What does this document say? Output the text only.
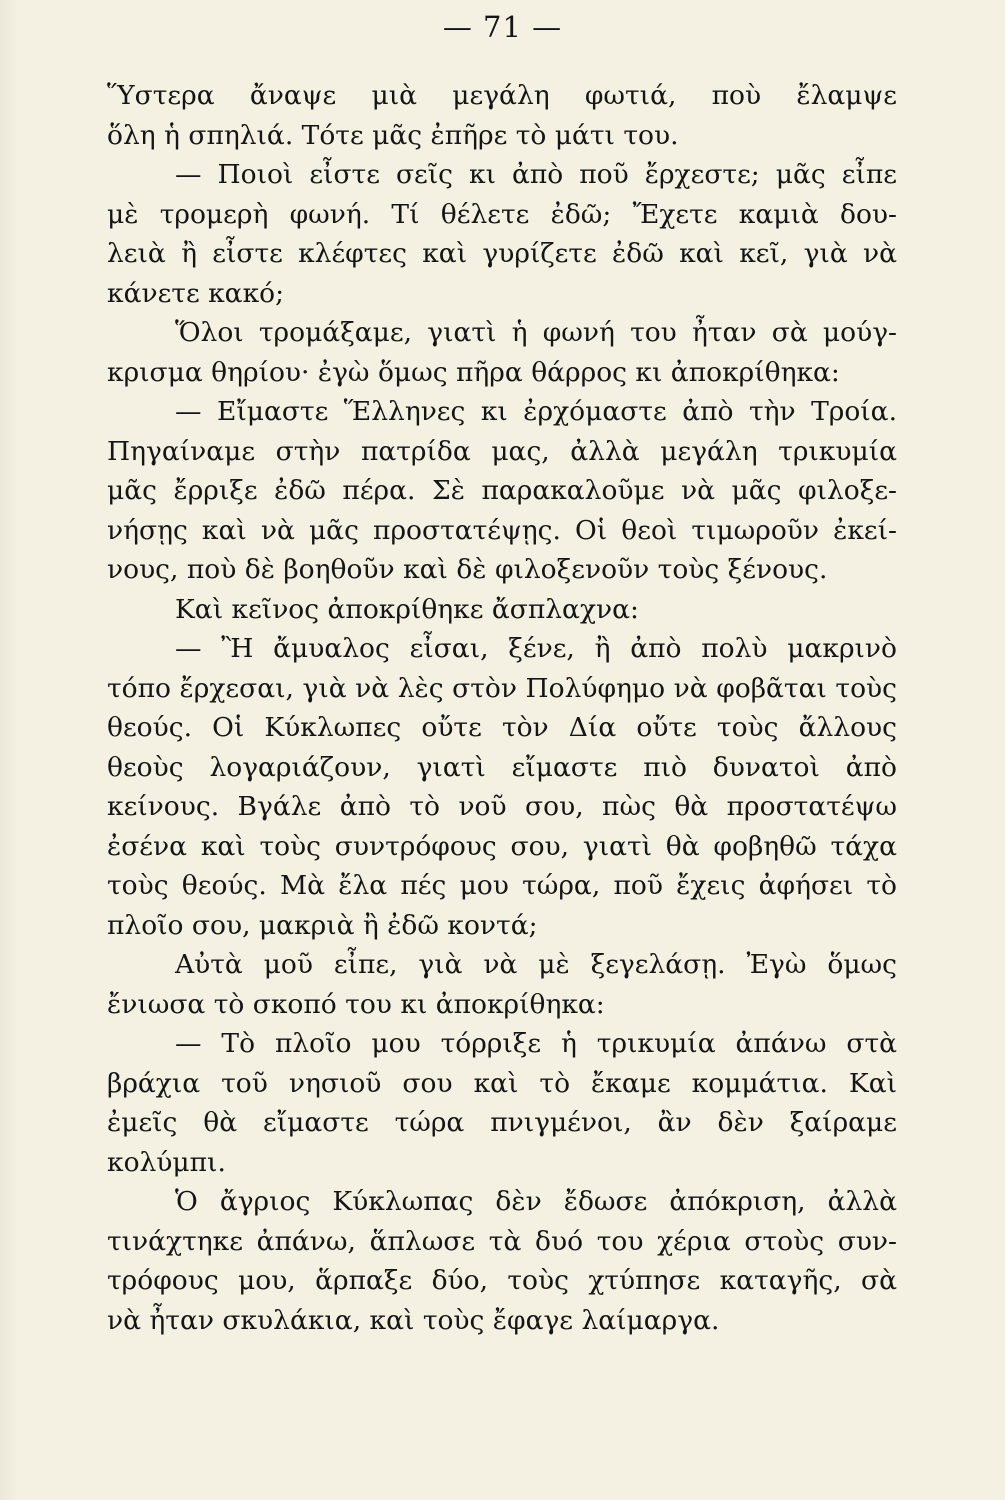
— 71 —
Ὕστερα ἄναψε μιὰ μεγάλη φωτιά, ποὺ ἔλαμψε
ὅλη ἡ σπηλιά. Τότε μᾶς ἐπῆρε τὸ μάτι του.
— Ποιοὶ εἶστε σεῖς κι ἀπὸ ποῦ ἔρχεστε; μᾶς εἶπε
μὲ τρομερὴ φωνή. Τί θέλετε ἐδῶ; Ἔχετε καμιὰ δου-
λειὰ ἢ εἶστε κλέφτες καὶ γυρίζετε ἐδῶ καὶ κεῖ, γιὰ νὰ
κάνετε κακό;
Ὅλοι τρομάξαμε, γιατὶ ἡ φωνή του ἦταν σὰ μούγ-
κρισμα θηρίου· ἐγὼ ὅμως πῆρα θάρρος κι ἀποκρίθηκα:
— Εἴμαστε Ἕλληνες κι ἐρχόμαστε ἀπὸ τὴν Τροία.
Πηγαίναμε στὴν πατρίδα μας, ἀλλὰ μεγάλη τρικυμία
μᾶς ἔρριξε ἐδῶ πέρα. Σὲ παρακαλοῦμε νὰ μᾶς φιλοξε-
νήσῃς καὶ νὰ μᾶς προστατέψῃς. Οἱ θεοὶ τιμωροῦν ἐκεί-
νους, ποὺ δὲ βοηθοῦν καὶ δὲ φιλοξενοῦν τοὺς ξένους.
Καὶ κεῖνος ἀποκρίθηκε ἄσπλαχνα:
— Ἢ ἄμυαλος εἶσαι, ξένε, ἢ ἀπὸ πολὺ μακρινὸ
τόπο ἔρχεσαι, γιὰ νὰ λὲς στὸν Πολύφημο νὰ φοβᾶται τοὺς
θεούς. Οἱ Κύκλωπες οὔτε τὸν Δία οὔτε τοὺς ἄλλους
θεοὺς λογαριάζουν, γιατὶ εἴμαστε πιὸ δυνατοὶ ἀπὸ
κείνους. Βγάλε ἀπὸ τὸ νοῦ σου, πὼς θὰ προστατέψω
ἐσένα καὶ τοὺς συντρόφους σου, γιατὶ θὰ φοβηθῶ τάχα
τοὺς θεούς. Μὰ ἔλα πές μου τώρα, ποῦ ἔχεις ἀφήσει τὸ
πλοῖο σου, μακριὰ ἢ ἐδῶ κοντά;
Αὐτὰ μοῦ εἶπε, γιὰ νὰ μὲ ξεγελάσῃ. Ἐγὼ ὅμως
ἔνιωσα τὸ σκοπό του κι ἀποκρίθηκα:
— Τὸ πλοῖο μου τόρριξε ἡ τρικυμία ἀπάνω στὰ
βράχια τοῦ νησιοῦ σου καὶ τὸ ἔκαμε κομμάτια. Καὶ
ἐμεῖς θὰ εἴμαστε τώρα πνιγμένοι, ἂν δὲν ξαίραμε
κολύμπι.
Ὁ ἄγριος Κύκλωπας δὲν ἔδωσε ἀπόκριση, ἀλλὰ
τινάχτηκε ἀπάνω, ἅπλωσε τὰ δυό του χέρια στοὺς συν-
τρόφους μου, ἅρπαξε δύο, τοὺς χτύπησε καταγῆς, σὰ
νὰ ἦταν σκυλάκια, καὶ τοὺς ἔφαγε λαίμαργα.
